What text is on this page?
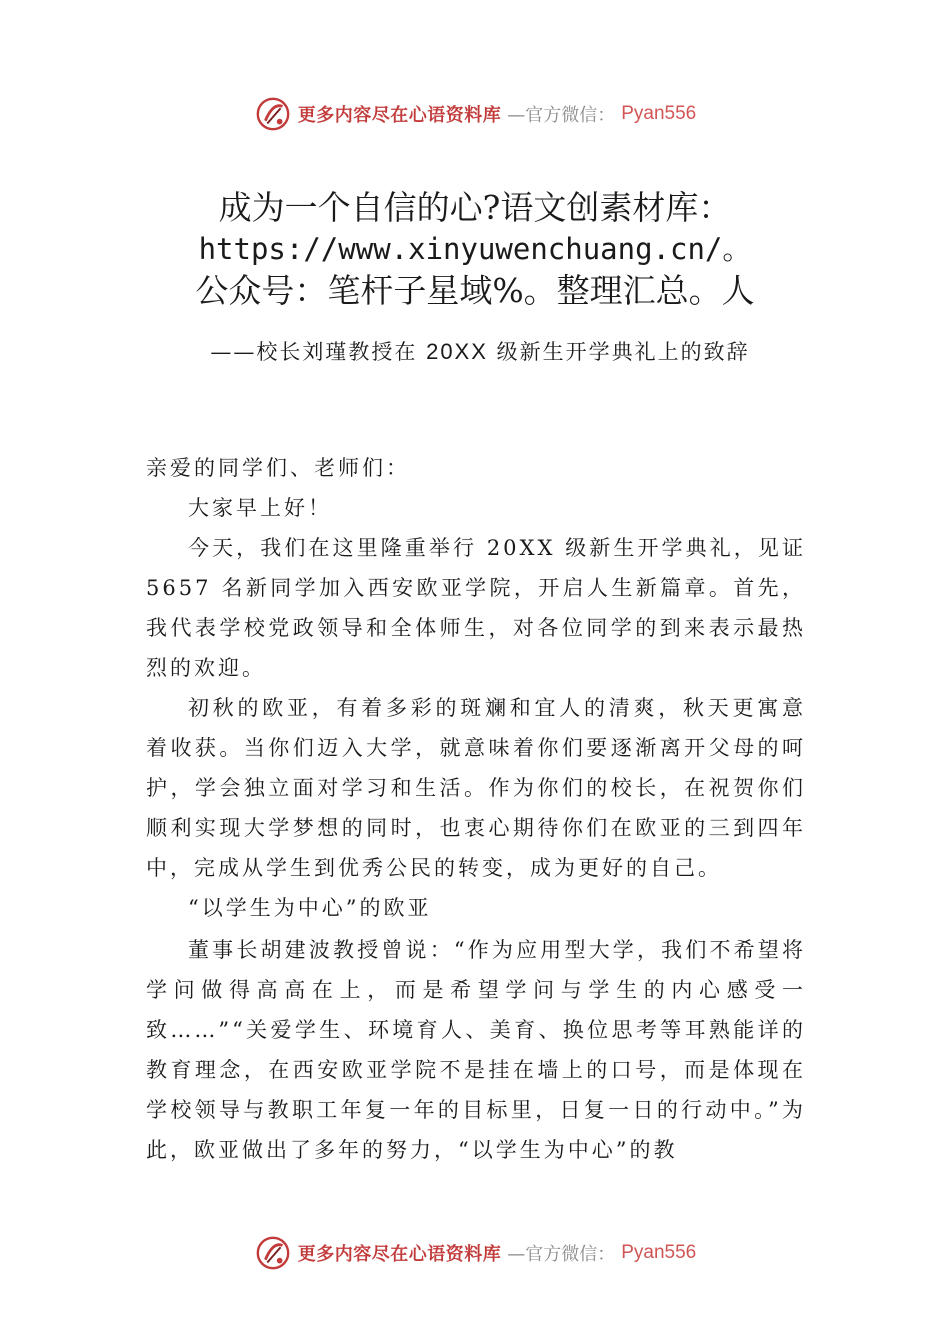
更多内容尽在心语资料库 —官方微信： Pyan556
成为一个自信的心?语文创素材库：
https://www.xinyuwenchuang.cn/。
公众号：笔杆子星域%。整理汇总。人
——校长刘瑾教授在 20XX 级新生开学典礼上的致辞

亲爱的同学们、老师们：

大家早上好！

今天，我们在这里隆重举行 20XX 级新生开学典礼，见证 5657 名新同学加入西安欧亚学院，开启人生新篇章。首先，我代表学校党政领导和全体师生，对各位同学的到来表示最热烈的欢迎。

初秋的欧亚，有着多彩的斑斓和宜人的清爽，秋天更寓意着收获。当你们迈入大学，就意味着你们要逐渐离开父母的呵护，学会独立面对学习和生活。作为你们的校长，在祝贺你们顺利实现大学梦想的同时，也衷心期待你们在欧亚的三到四年中，完成从学生到优秀公民的转变，成为更好的自己。

“以学生为中心”的欧亚

董事长胡建波教授曾说：“作为应用型大学，我们不希望将学问做得高高在上，而是希望学问与学生的内心感受一致……”“关爱学生、环境育人、美育、换位思考等耳熟能详的教育理念，在西安欧亚学院不是挂在墙上的口号，而是体现在学校领导与教职工年复一年的目标里，日复一日的行动中。”为此，欧亚做出了多年的努力，“以学生为中心”的教

更多内容尽在心语资料库 —官方微信： Pyan556
